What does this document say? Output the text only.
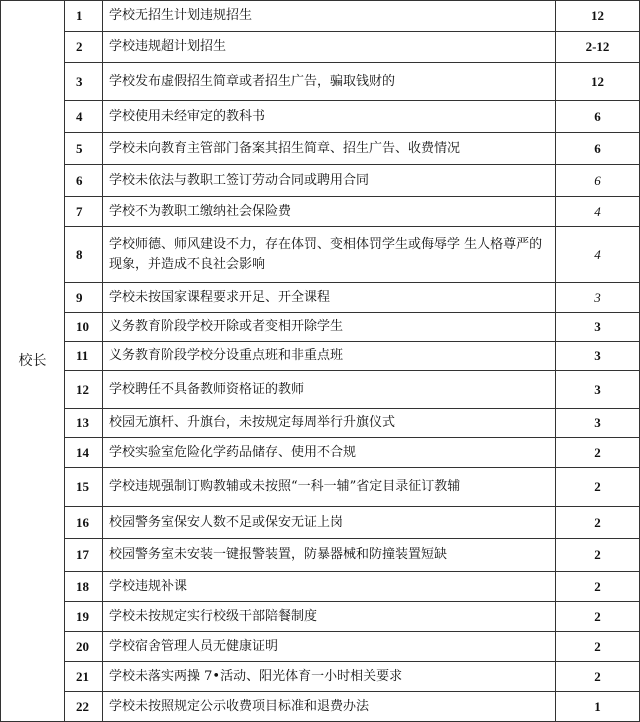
校长	1	学校无招生计划违规招生	12
	2	学校违规超计划招生	2-12
	3	学校发布虚假招生简章或者招生广告，骗取钱财的	12
	4	学校使用未经审定的教科书	6
	5	学校未向教育主管部门备案其招生简章、招生广告、收费情况	6
	6	学校未依法与教职工签订劳动合同或聘用合同	6
	7	学校不为教职工缴纳社会保险费	4
	8	学校师德、师风建设不力，存在体罚、变相体罚学生或侮辱学 生人格尊严的现象，并造成不良社会影响	4
	9	学校未按国家课程要求开足、开全课程	3
	10	义务教育阶段学校开除或者变相开除学生	3
	11	义务教育阶段学校分设重点班和非重点班	3
	12	学校聘任不具备教师资格证的教师	3
	13	校园无旗杆、升旗台，未按规定每周举行升旗仪式	3
	14	学校实验室危险化学药品储存、使用不合规	2
	15	学校违规强制订购教辅或未按照“一科一辅”省定目录征订教辅	2
	16	校园警务室保安人数不足或保安无证上岗	2
	17	校园警务室未安装一键报警装置，防暴器械和防撞装置短缺	2
	18	学校违规补课	2
	19	学校未按规定实行校级干部陪餐制度	2
	20	学校宿舍管理人员无健康证明	2
	21	学校未落实两操 7•活动、阳光体育一小时相关要求	2
	22	学校未按照规定公示收费项目标准和退费办法	1
